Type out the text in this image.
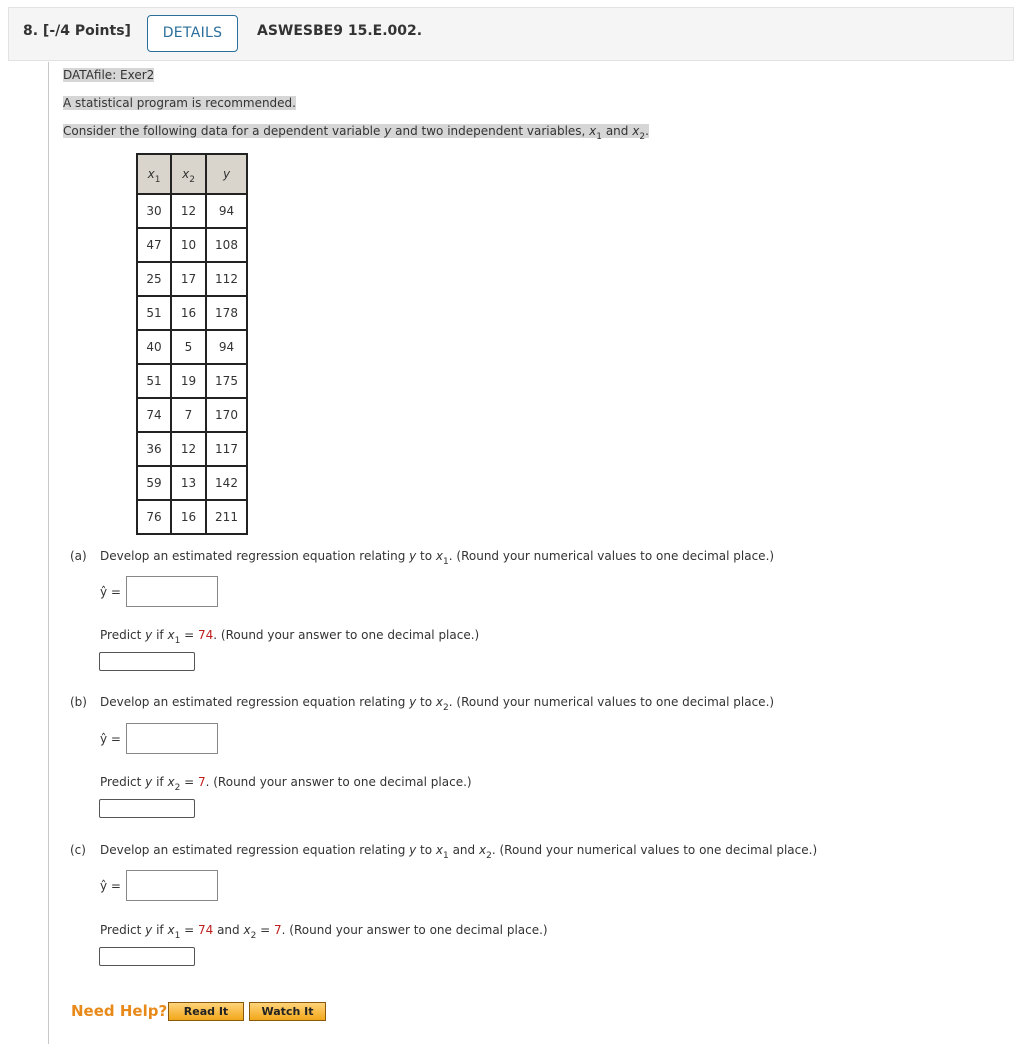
8. [-/4 Points]	DETAILS	ASWESBE9 15.E.002.
DATAfile: Exer2
A statistical program is recommended.
Consider the following data for a dependent variable y and two independent variables, $x_1$ and $x_2$.
$x_1$	$x_2$	y
30	12	94
47	10	108
25	17	112
51	16	178
40	5	94
51	19	175
74	7	170
36	12	117
59	13	142
76	16	211
(a) Develop an estimated regression equation relating y to $x_1$. (Round your numerical values to one decimal place.)
ŷ =
Predict y if $x_1 = 74$. (Round your answer to one decimal place.)
(b) Develop an estimated regression equation relating y to $x_2$. (Round your numerical values to one decimal place.)
ŷ =
Predict y if $x_2 = 7$. (Round your answer to one decimal place.)
(c) Develop an estimated regression equation relating y to $x_1$ and $x_2$. (Round your numerical values to one decimal place.)
ŷ =
Predict y if $x_1 = 74$ and $x_2 = 7$. (Round your answer to one decimal place.)
Need Help?	Read It	Watch It
